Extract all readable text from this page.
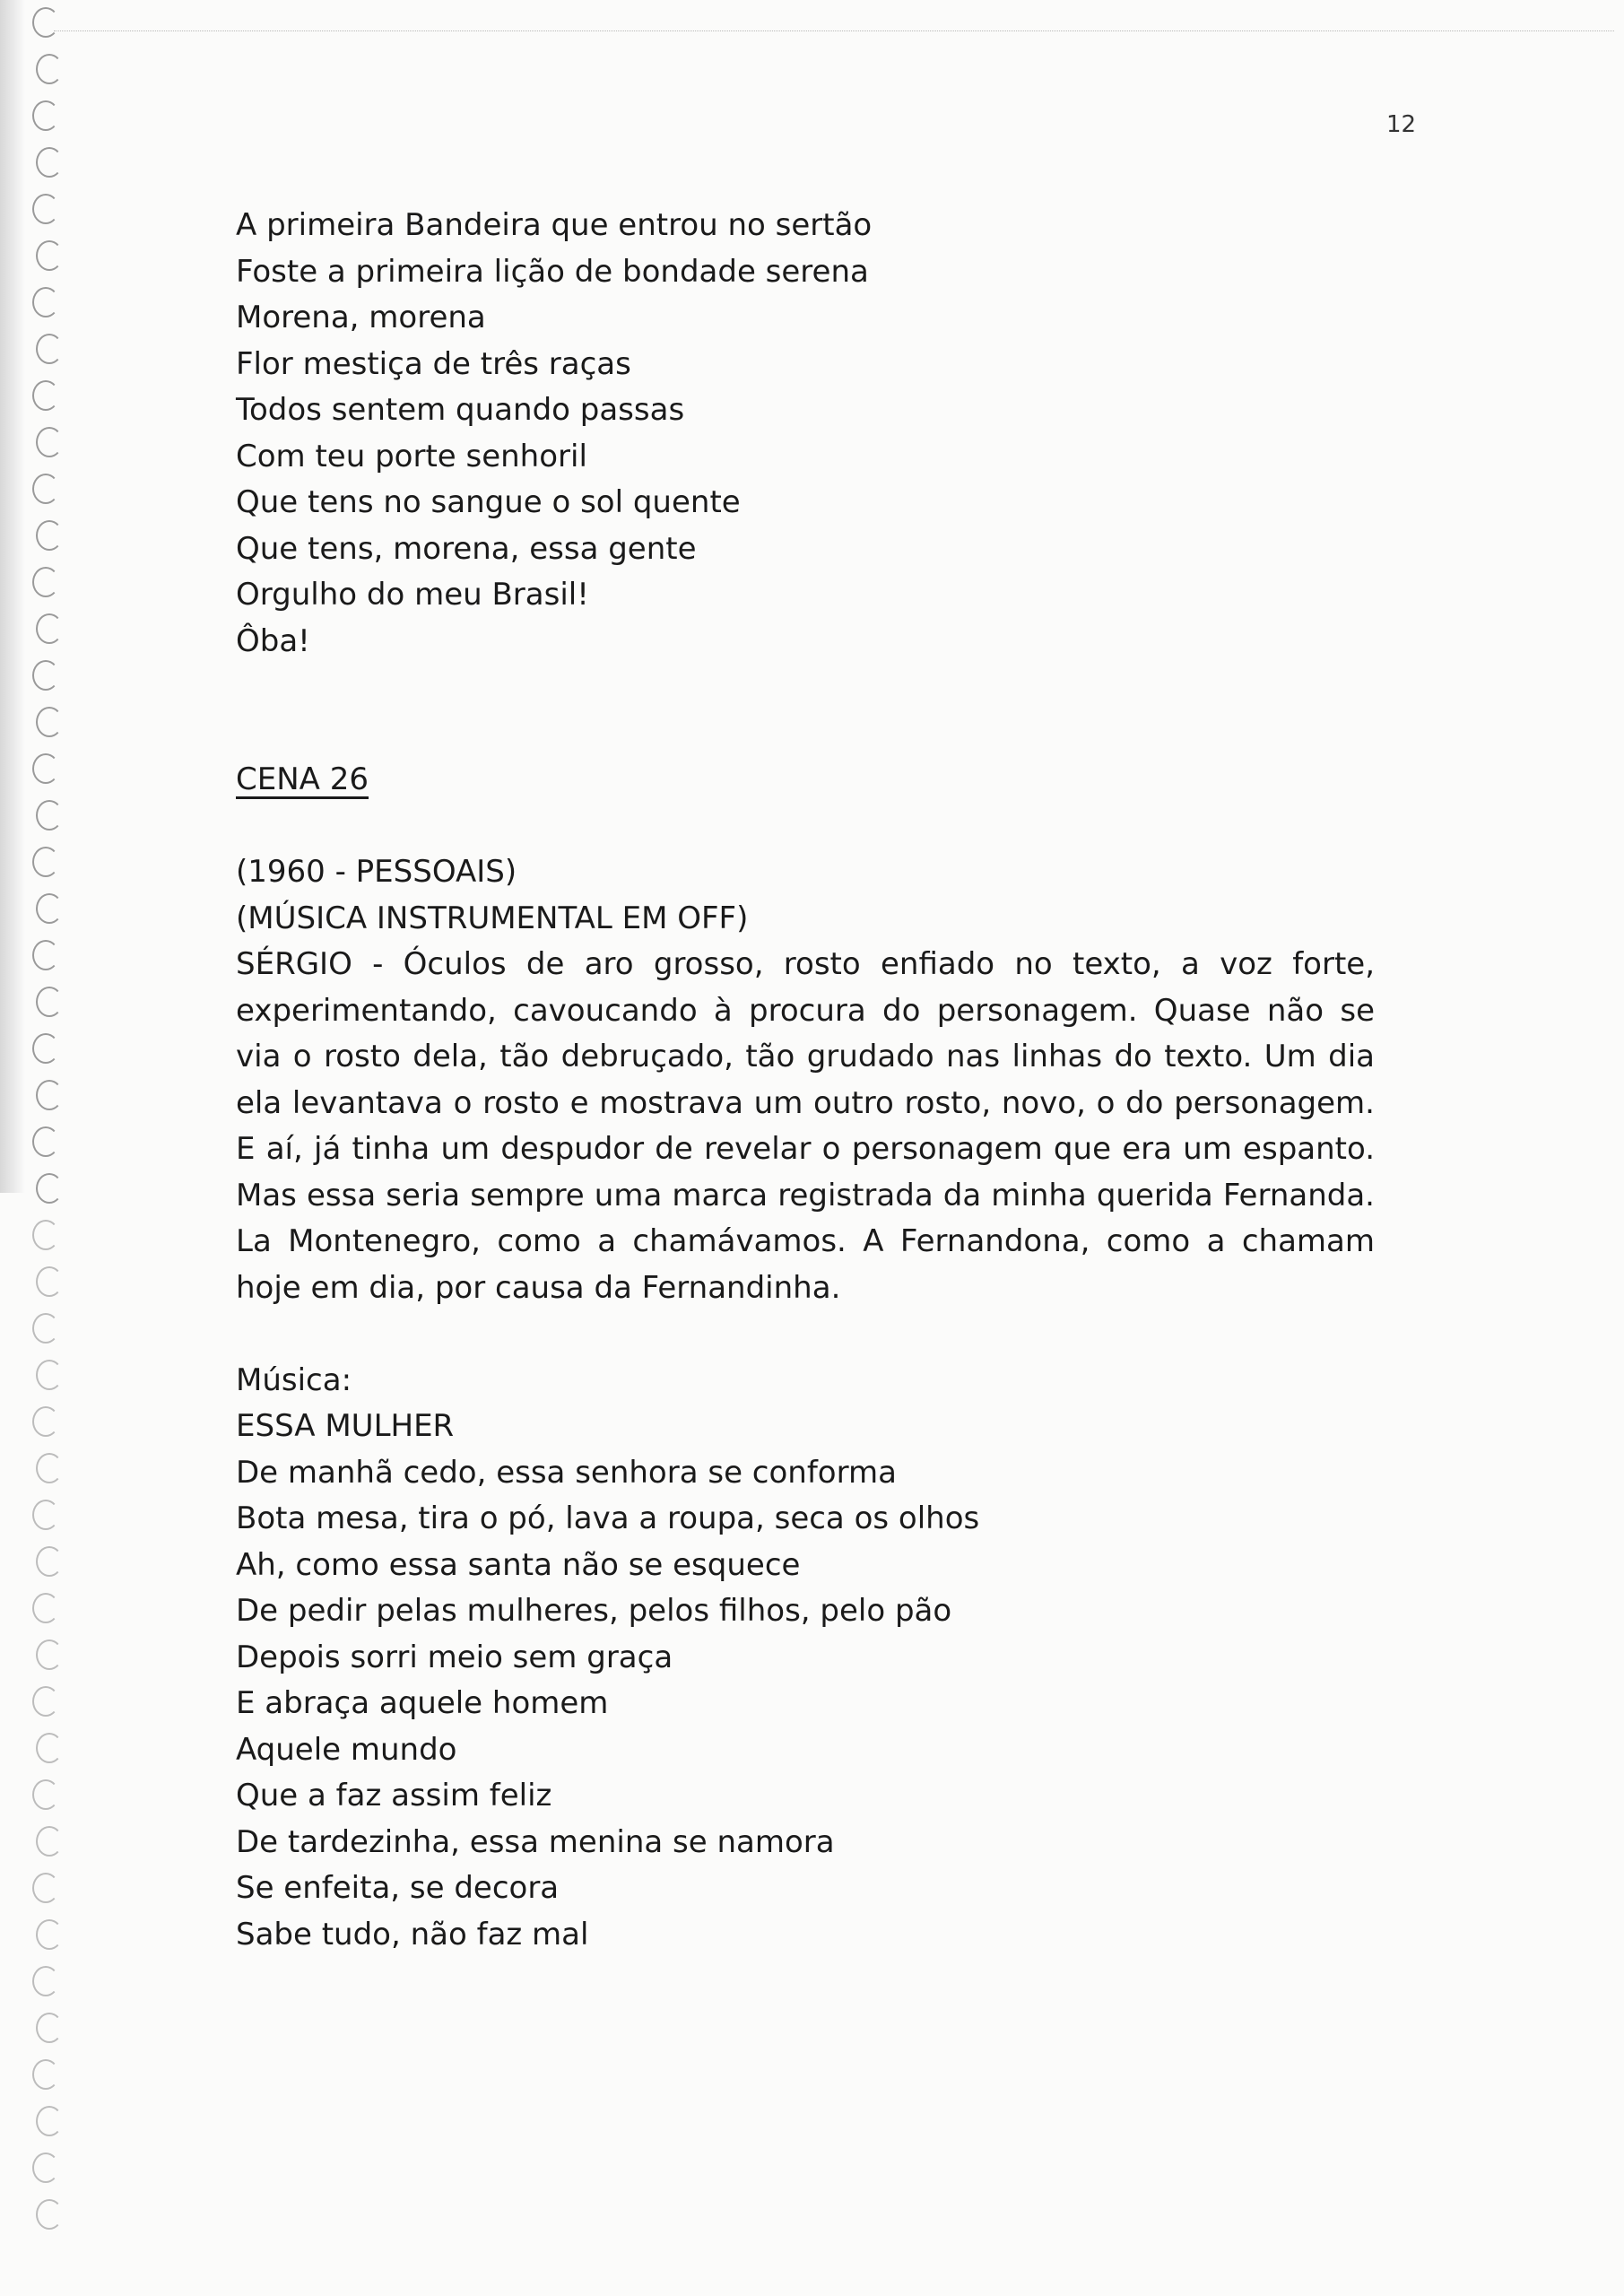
12
A primeira Bandeira que entrou no sertão
Foste a primeira lição de bondade serena
Morena, morena
Flor mestiça de três raças
Todos sentem quando passas
Com teu porte senhoril
Que tens no sangue o sol quente
Que tens, morena, essa gente
Orgulho do meu Brasil!
Ôba!
CENA 26
(1960 - PESSOAIS)
(MÚSICA INSTRUMENTAL EM OFF)
SÉRGIO - Óculos de aro grosso, rosto enfiado no texto, a voz forte, experimentando, cavoucando à procura do personagem. Quase não se via o rosto dela, tão debruçado, tão grudado nas linhas do texto. Um dia ela levantava o rosto e mostrava um outro rosto, novo, o do personagem. E aí, já tinha um despudor de revelar o personagem que era um espanto. Mas essa seria sempre uma marca registrada da minha querida Fernanda. La Montenegro, como a chamávamos. A Fernandona, como a chamam hoje em dia, por causa da Fernandinha.
Música:
ESSA MULHER
De manhã cedo, essa senhora se conforma
Bota mesa, tira o pó, lava a roupa, seca os olhos
Ah, como essa santa não se esquece
De pedir pelas mulheres, pelos filhos, pelo pão
Depois sorri meio sem graça
E abraça aquele homem
Aquele mundo
Que a faz assim feliz
De tardezinha, essa menina se namora
Se enfeita, se decora
Sabe tudo, não faz mal
